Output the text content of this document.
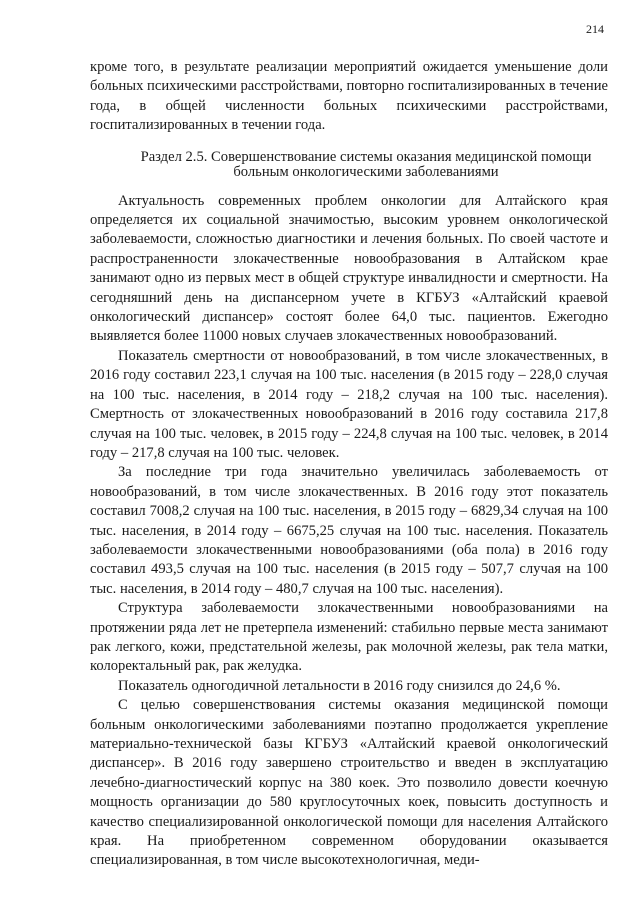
214

кроме того, в результате реализации мероприятий ожидается уменьшение доли больных психическими расстройствами, повторно госпитализированных в течение года, в общей численности больных психическими расстройствами, госпитализированных в течении года.

Раздел 2.5. Совершенствование системы оказания медицинской помощи больным онкологическими заболеваниями

Актуальность современных проблем онкологии для Алтайского края определяется их социальной значимостью, высоким уровнем онкологической заболеваемости, сложностью диагностики и лечения больных. По своей частоте и распространенности злокачественные новообразования в Алтайском крае занимают одно из первых мест в общей структуре инвалидности и смертности. На сегодняшний день на диспансерном учете в КГБУЗ «Алтайский краевой онкологический диспансер» состоят более 64,0 тыс. пациентов. Ежегодно выявляется более 11000 новых случаев злокачественных новообразований.

Показатель смертности от новообразований, в том числе злокачественных, в 2016 году составил 223,1 случая на 100 тыс. населения (в 2015 году – 228,0 случая на 100 тыс. населения, в 2014 году – 218,2 случая на 100 тыс. населения). Смертность от злокачественных новообразований в 2016 году составила 217,8 случая на 100 тыс. человек, в 2015 году – 224,8 случая на 100 тыс. человек, в 2014 году – 217,8 случая на 100 тыс. человек.

За последние три года значительно увеличилась заболеваемость от новообразований, в том числе злокачественных. В 2016 году этот показатель составил 7008,2 случая на 100 тыс. населения, в 2015 году – 6829,34 случая на 100 тыс. населения, в 2014 году – 6675,25 случая на 100 тыс. населения. Показатель заболеваемости злокачественными новообразованиями (оба пола) в 2016 году составил 493,5 случая на 100 тыс. населения (в 2015 году – 507,7 случая на 100 тыс. населения, в 2014 году – 480,7 случая на 100 тыс. населения).

Структура заболеваемости злокачественными новообразованиями на протяжении ряда лет не претерпела изменений: стабильно первые места занимают рак легкого, кожи, предстательной железы, рак молочной железы, рак тела матки, колоректальный рак, рак желудка.

Показатель одногодичной летальности в 2016 году снизился до 24,6 %.

С целью совершенствования системы оказания медицинской помощи больным онкологическими заболеваниями поэтапно продолжается укрепление материально-технической базы КГБУЗ «Алтайский краевой онкологический диспансер». В 2016 году завершено строительство и введен в эксплуатацию лечебно-диагностический корпус на 380 коек. Это позволило довести коечную мощность организации до 580 круглосуточных коек, повысить доступность и качество специализированной онкологической помощи для населения Алтайского края. На приобретенном современном оборудовании оказывается специализированная, в том числе высокотехнологичная, меди-
